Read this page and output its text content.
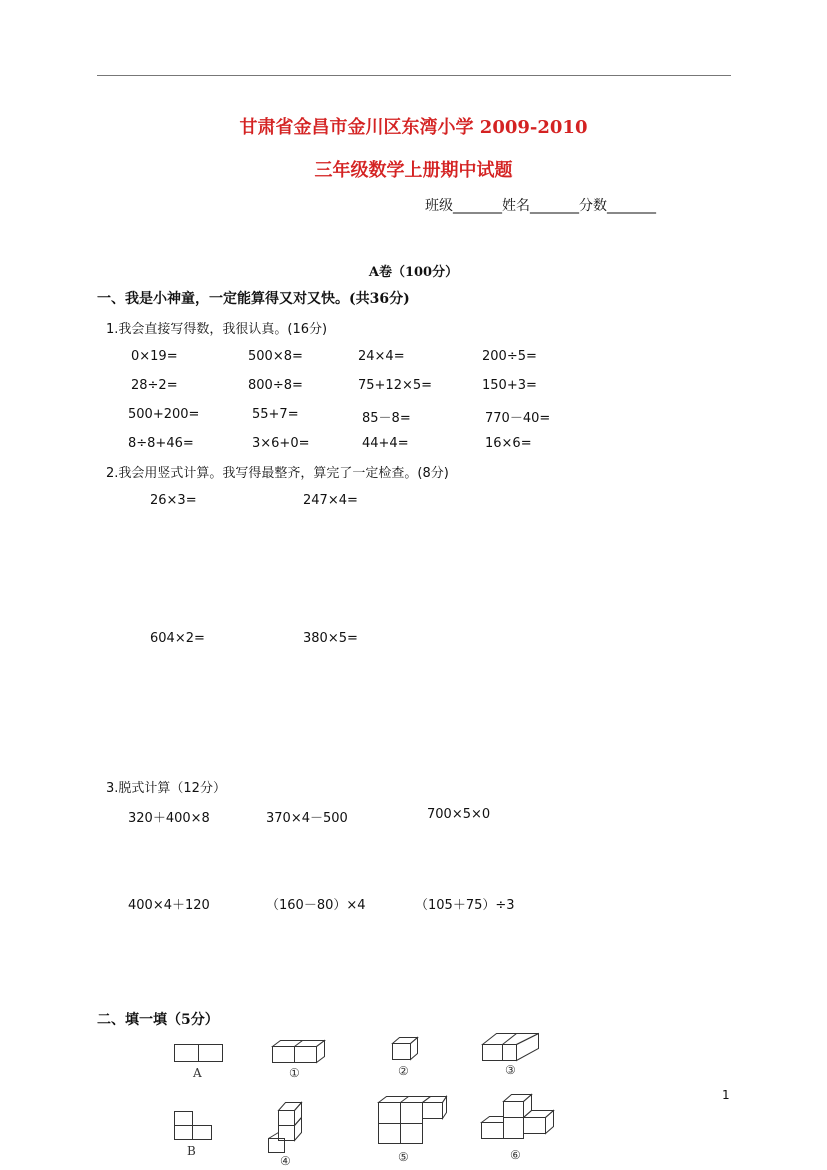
甘肃省金昌市金川区东湾小学 2009-2010
三年级数学上册期中试题
班级_______姓名_______分数_______
A卷（100分）
一、我是小神童，一定能算得又对又快。(共36分)
1.我会直接写得数，我很认真。(16分)
0×19=	500×8=	24×4=	200÷5=
28÷2=	800÷8=	75+12×5=	150+3=
500+200=	55+7=	85－8=	770－40=
8÷8+46=	3×6+0=	44+4=	16×6=
2.我会用竖式计算。我写得最整齐，算完了一定检查。(8分)
26×3=	247×4=
604×2=	380×5=
3.脱式计算（12分）
320＋400×8	370×4－500	700×5×0
400×4＋120	（160－80）×4	（105＋75）÷3
二、填一填（5分）
A	①	②	③
B
④	⑤	⑥
1
